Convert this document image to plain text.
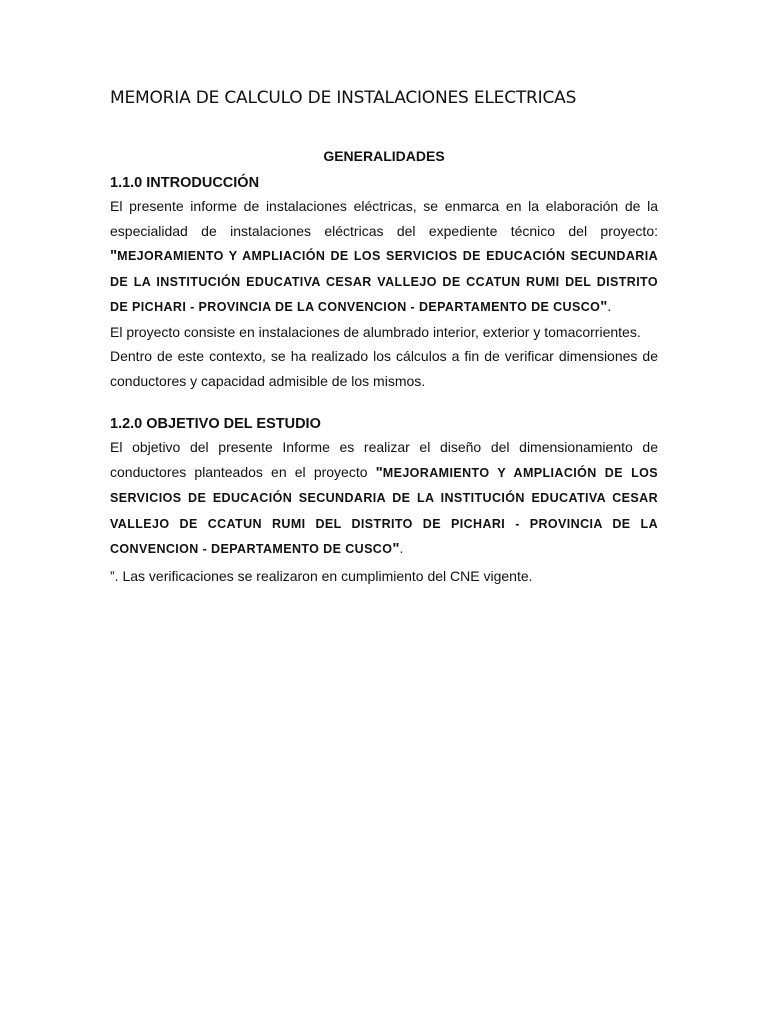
MEMORIA DE CALCULO DE INSTALACIONES ELECTRICAS
GENERALIDADES
1.1.0 INTRODUCCIÓN

El presente informe de instalaciones eléctricas, se enmarca en la elaboración de la especialidad de instalaciones eléctricas del expediente técnico del proyecto: "MEJORAMIENTO Y AMPLIACIÓN DE LOS SERVICIOS DE EDUCACIÓN SECUNDARIA DE LA INSTITUCIÓN EDUCATIVA CESAR VALLEJO DE CCATUN RUMI DEL DISTRITO DE PICHARI - PROVINCIA DE LA CONVENCION - DEPARTAMENTO DE CUSCO".

El proyecto consiste en instalaciones de alumbrado interior, exterior y tomacorrientes.

Dentro de este contexto, se ha realizado los cálculos a fin de verificar dimensiones de conductores y capacidad admisible de los mismos.

1.2.0 OBJETIVO DEL ESTUDIO

El objetivo del presente Informe es realizar el diseño del dimensionamiento de conductores planteados en el proyecto "MEJORAMIENTO Y AMPLIACIÓN DE LOS SERVICIOS DE EDUCACIÓN SECUNDARIA DE LA INSTITUCIÓN EDUCATIVA CESAR VALLEJO DE CCATUN RUMI DEL DISTRITO DE PICHARI - PROVINCIA DE LA CONVENCION - DEPARTAMENTO DE CUSCO".

”. Las verificaciones se realizaron en cumplimiento del CNE vigente.
